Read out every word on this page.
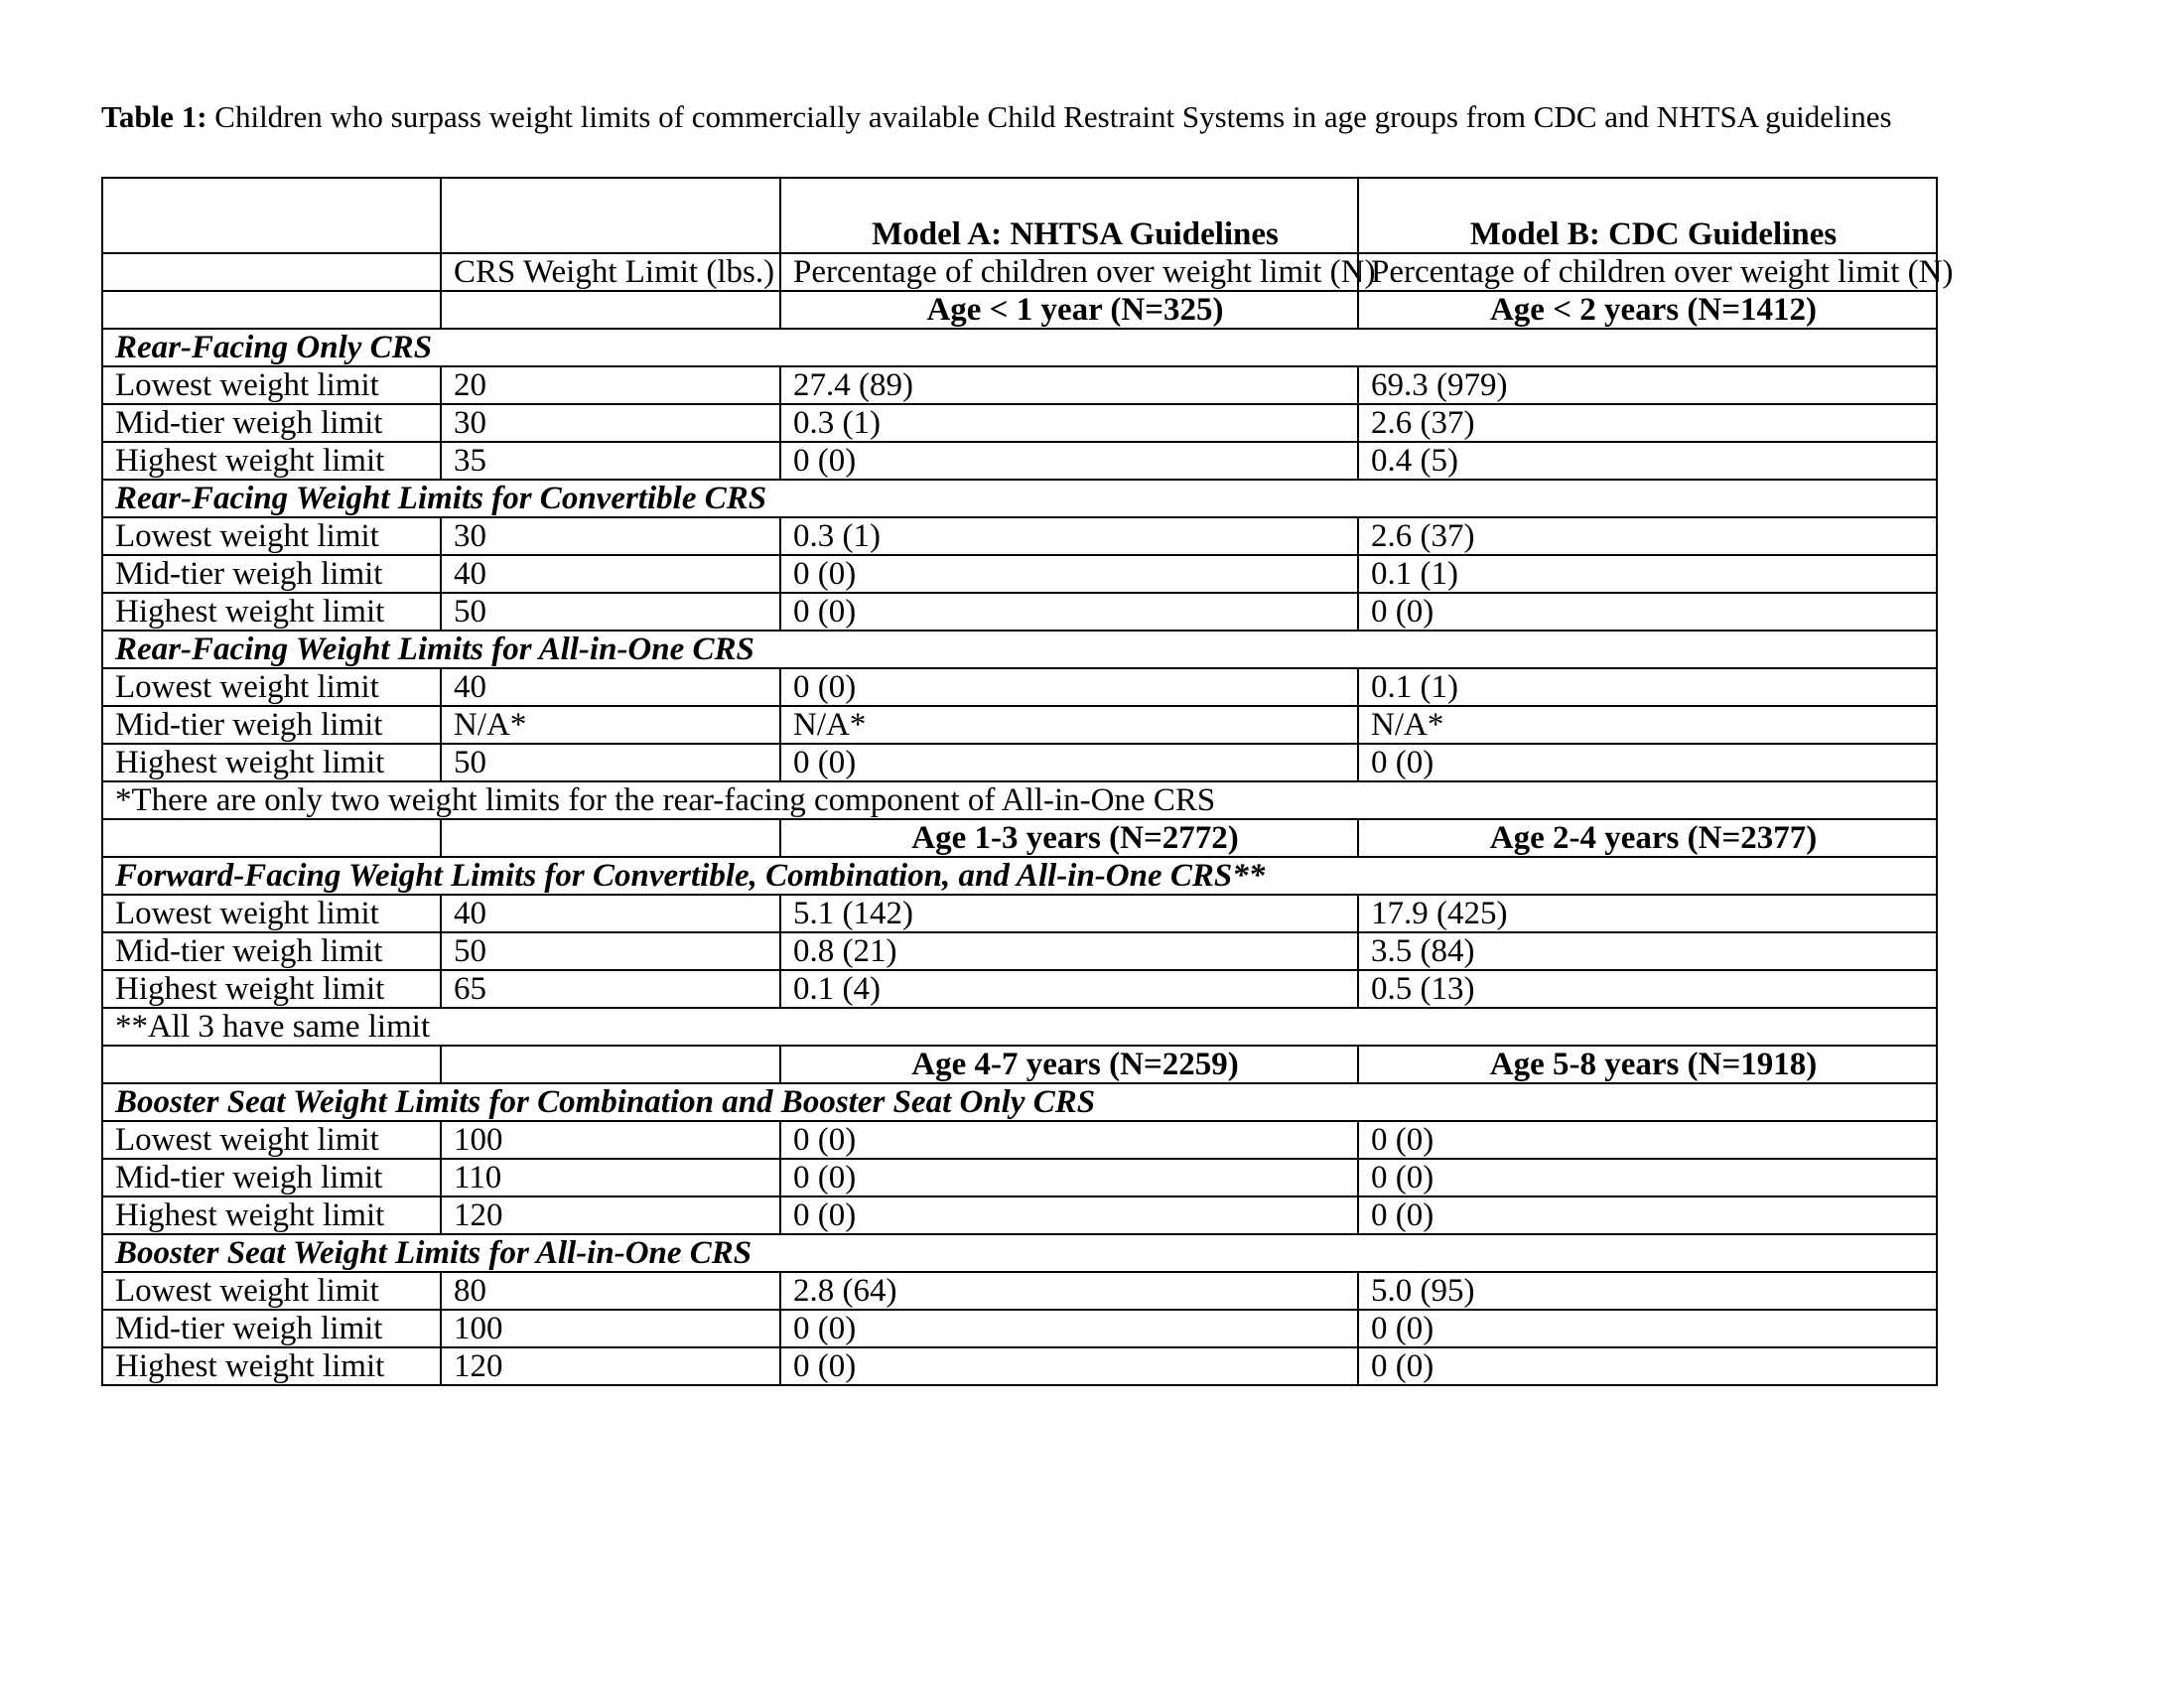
Table 1: Children who surpass weight limits of commercially available Child Restraint Systems in age groups from CDC and NHTSA guidelines

		Model A: NHTSA Guidelines	Model B: CDC Guidelines
	CRS Weight Limit (lbs.)	Percentage of children over weight limit (N)	Percentage of children over weight limit (N)
		Age < 1 year (N=325)	Age < 2 years (N=1412)
Rear-Facing Only CRS			
Lowest weight limit	20	27.4 (89)	69.3 (979)
Mid-tier weigh limit	30	0.3 (1)	2.6 (37)
Highest weight limit	35	0 (0)	0.4 (5)
Rear-Facing Weight Limits for Convertible CRS			
Lowest weight limit	30	0.3 (1)	2.6 (37)
Mid-tier weigh limit	40	0 (0)	0.1 (1)
Highest weight limit	50	0 (0)	0 (0)
Rear-Facing Weight Limits for All-in-One CRS			
Lowest weight limit	40	0 (0)	0.1 (1)
Mid-tier weigh limit	N/A*	N/A*	N/A*
Highest weight limit	50	0 (0)	0 (0)
*There are only two weight limits for the rear-facing component of All-in-One CRS			
		Age 1-3 years (N=2772)	Age 2-4 years (N=2377)
Forward-Facing Weight Limits for Convertible, Combination, and All-in-One CRS**			
Lowest weight limit	40	5.1 (142)	17.9 (425)
Mid-tier weigh limit	50	0.8 (21)	3.5 (84)
Highest weight limit	65	0.1 (4)	0.5 (13)
**All 3 have same limit			
		Age 4-7 years (N=2259)	Age 5-8 years (N=1918)
Booster Seat Weight Limits for Combination and Booster Seat Only CRS			
Lowest weight limit	100	0 (0)	0 (0)
Mid-tier weigh limit	110	0 (0)	0 (0)
Highest weight limit	120	0 (0)	0 (0)
Booster Seat Weight Limits for All-in-One CRS			
Lowest weight limit	80	2.8 (64)	5.0 (95)
Mid-tier weigh limit	100	0 (0)	0 (0)
Highest weight limit	120	0 (0)	0 (0)
